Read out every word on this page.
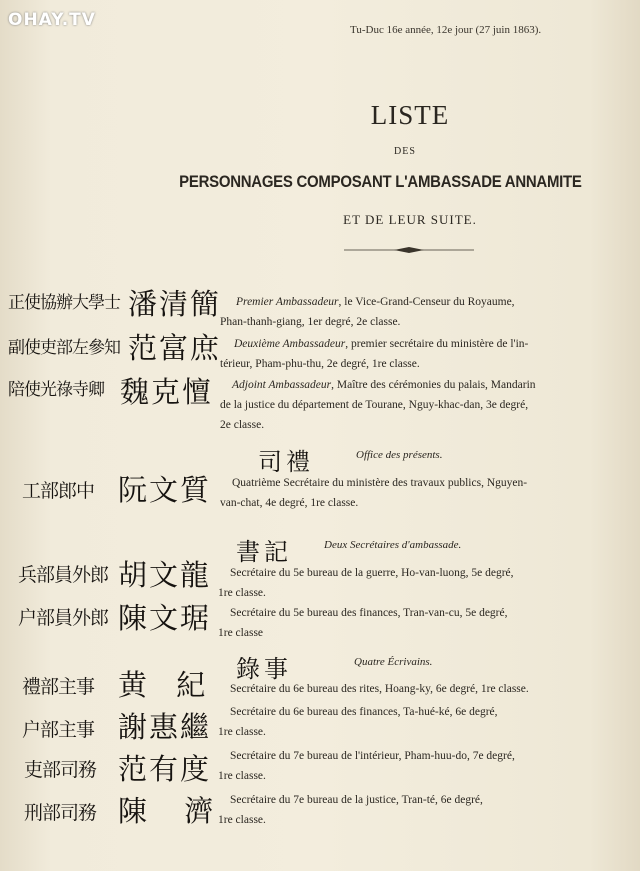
OHAY.TV	Tu-Duc 16e année, 12e jour (27 juin 1863).
LISTE
DES
PERSONNAGES COMPOSANT L'AMBASSADE ANNAMITE
ET DE LEUR SUITE.
正使協辦大學士 潘清簡 Premier Ambassadeur, le Vice-Grand-Censeur du Royaume,
Phan-thanh-giang, 1er degré, 2e classe.
副使吏部左參知 范富庶 Deuxième Ambassadeur, premier secrétaire du ministère de l'in-
térieur, Pham-phu-thu, 2e degré, 1re classe.
陪使光祿寺卿 魏克憻 Adjoint Ambassadeur, Maître des cérémonies du palais, Mandarin
de la justice du département de Tourane, Nguy-khac-dan, 3e degré,
2e classe.
司禮	Office des présents.
工部郎中 阮文質 Quatrième Secrétaire du ministère des travaux publics, Nguyen-
van-chat, 4e degré, 1re classe.
書記	Deux Secrétaires d'ambassade.
兵部員外郎 胡文龍 Secrétaire du 5e bureau de la guerre, Ho-van-luong, 5e degré,
1re classe.
户部員外郎 陳文琚 Secrétaire du 5e bureau des finances, Tran-van-cu, 5e degré,
1re classe
錄事	Quatre Écrivains.
禮部主事 黄 紀 Secrétaire du 6e bureau des rites, Hoang-ky, 6e degré, 1re classe.
户部主事 謝惠繼 Secrétaire du 6e bureau des finances, Ta-hué-ké, 6e degré,
1re classe.
吏部司務 范有度 Secrétaire du 7e bureau de l'intérieur, Pham-huu-do, 7e degré,
1re classe.
刑部司務 陳 濟 Secrétaire du 7e bureau de la justice, Tran-té, 6e degré,
1re classe.
